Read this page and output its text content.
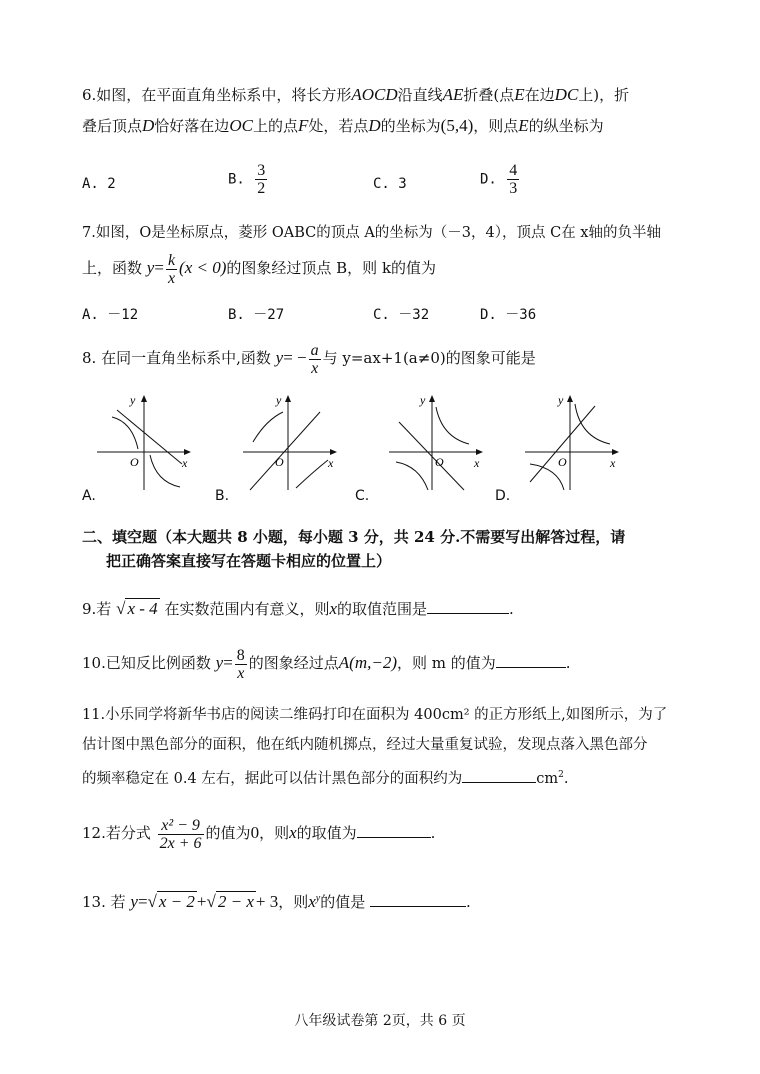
6.如图，在平面直角坐标系中，将长方形AOCD沿直线AE折叠(点E在边DC上)，折
叠后顶点D恰好落在边OC上的点F处，若点D的坐标为(5,4)，则点E的纵坐标为
A. 2	B. $\frac{3}{2}$	C. 3	D. $\frac{4}{3}$
7.如图，O是坐标原点，菱形 OABC的顶点 A的坐标为（－3，4），顶点 C在 x轴的负半轴
上，函数 $y= \frac{k}{x} (x < 0)$的图象经过顶点 B，则 k的值为
A. －12	B. －27	C. －32	D. －36
8. 在同一直角坐标系中,函数 $y= - \frac{a}{x}$ 与 y=ax+1(a≠0)的图象可能是
y
x
O
y
x
O
y
x
O
y
x
O
A.	B.	C.	D.
二、填空题（本大题共 8 小题，每小题 3 分，共 24 分.不需要写出解答过程，请
把正确答案直接写在答题卡相应的位置上）
9.若 √ x - 4 在实数范围内有意义，则x的取值范围是	.
10.已知反比例函数 $y= \frac{8}{x}$ 的图象经过点A(m,−2)，则 m 的值为	.
11.小乐同学将新华书店的阅读二维码打印在面积为 400cm² 的正方形纸上,如图所示，为了
估计图中黑色部分的面积，他在纸内随机掷点，经过大量重复试验，发现点落入黑色部分
的频率稳定在 0.4 左右，据此可以估计黑色部分的面积约为	$cm^2$.
12.若分式 $\frac{\text{x² − 9}}{2x + 6}$ 的值为0，则x的取值为	.
13. 若 y=√ x − 2 +√ 2 − x + 3，则$x^y$的值是	.
八年级试卷第 2页，共 6 页
